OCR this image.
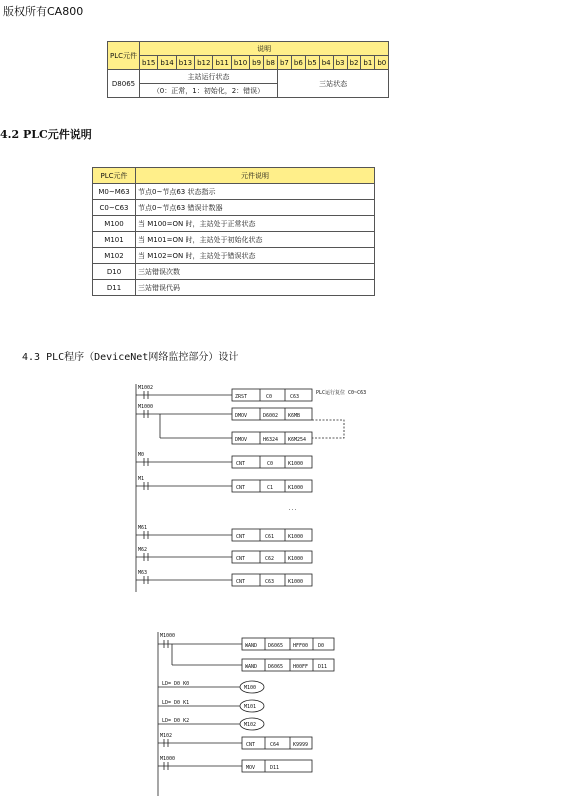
版权所有CA800
PLC元件	说明															
	b15	b14	b13	b12	b11	b10	b9	b8	b7	b6	b5	b4	b3	b2	b1	b0
D8065	主站运行状态								三站状态							
	（0：正常，1：初始化，2：错误）															
4.2 PLC元件说明
PLC元件	元件说明
M0~M63	节点0~节点63 状态指示
C0~C63	节点0~节点63 错误计数器
M100	当 M100=ON 时，主站处于正常状态
M101	当 M101=ON 时，主站处于初始化状态
M102	当 M102=ON 时，主站处于错误状态
D10	三站错误次数
D11	三站错误代码
4.3 PLC程序（DeviceNet网络监控部分）设计
M1002
ZRST	C0	C63
PLC运行复位 C0~C63
M1000
DMOV	D6002 K6MB
DMOV	H6324 K6M254
M0
CNT	C0	K1000
M1
CNT	C1	K1000
...
M61
CNT	C61	K1000
M62
CNT	C62	K1000
M63
CNT	C63	K1000
M1000
WAND D6065 HFF00 D0
WAND D6065 H00FF D11
LD= D0 K0
M100
LD= D0 K1
M101
LD= D0 K2
M102
M102
CNT	C64	K9999
M1000
MOV	D11
